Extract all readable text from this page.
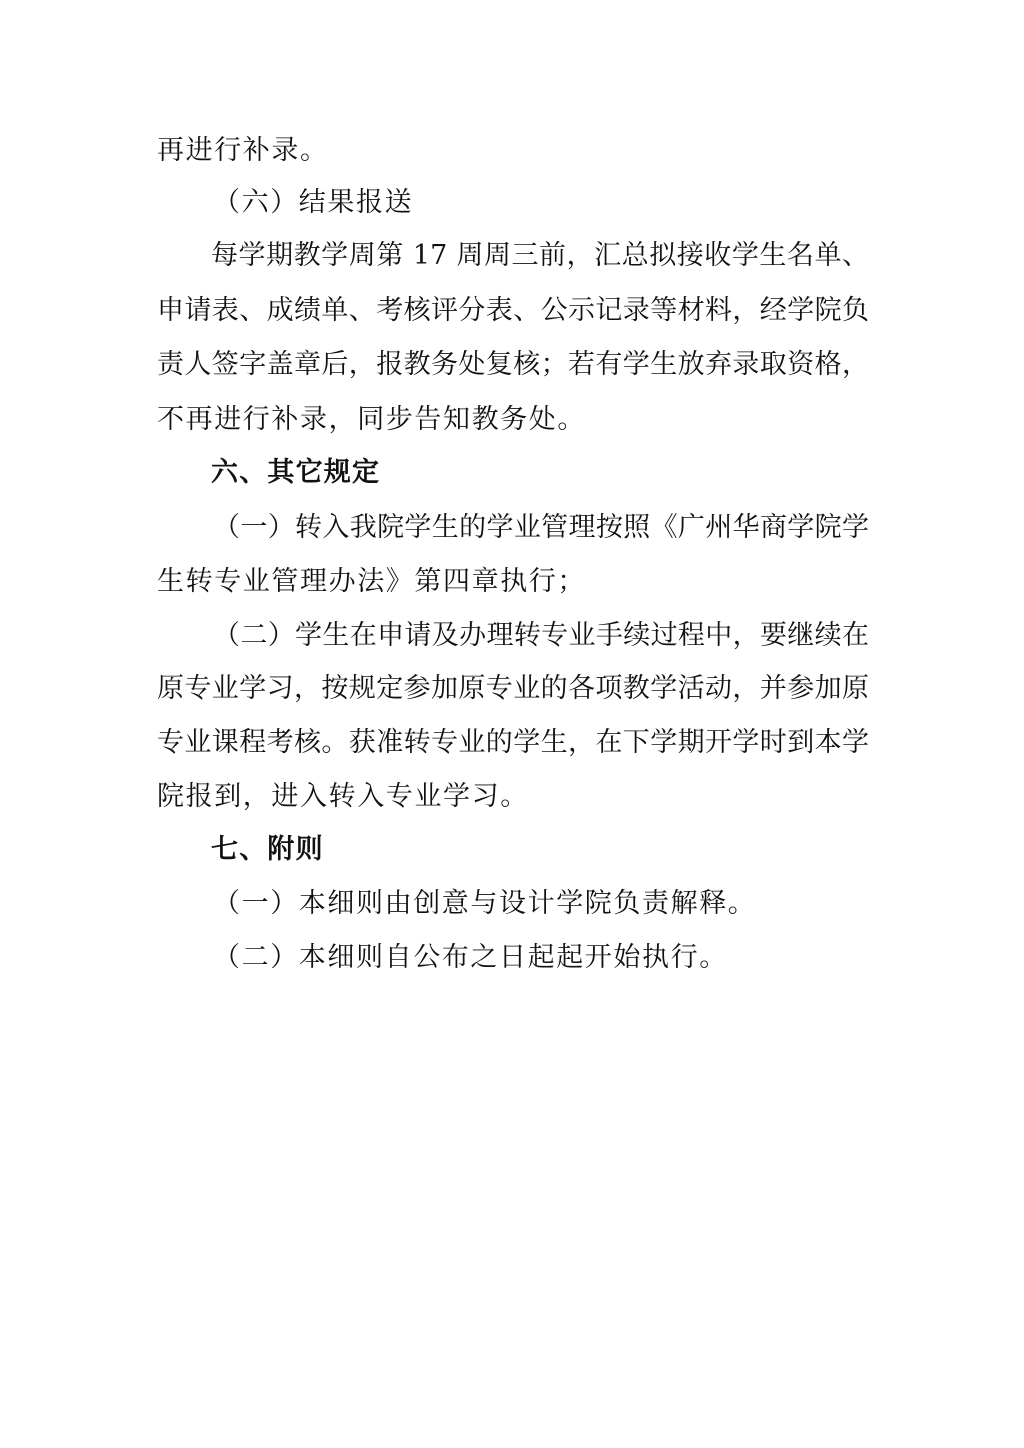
再进行补录。
（六）结果报送
每学期教学周第 17 周周三前，汇总拟接收学生名单、
申请表、成绩单、考核评分表、公示记录等材料，经学院负
责人签字盖章后，报教务处复核；若有学生放弃录取资格，
不再进行补录，同步告知教务处。
六、其它规定
（一）转入我院学生的学业管理按照《广州华商学院学
生转专业管理办法》第四章执行；
（二）学生在申请及办理转专业手续过程中，要继续在
原专业学习，按规定参加原专业的各项教学活动，并参加原
专业课程考核。获准转专业的学生，在下学期开学时到本学
院报到，进入转入专业学习。
七、附则
（一）本细则由创意与设计学院负责解释。
（二）本细则自公布之日起起开始执行。
